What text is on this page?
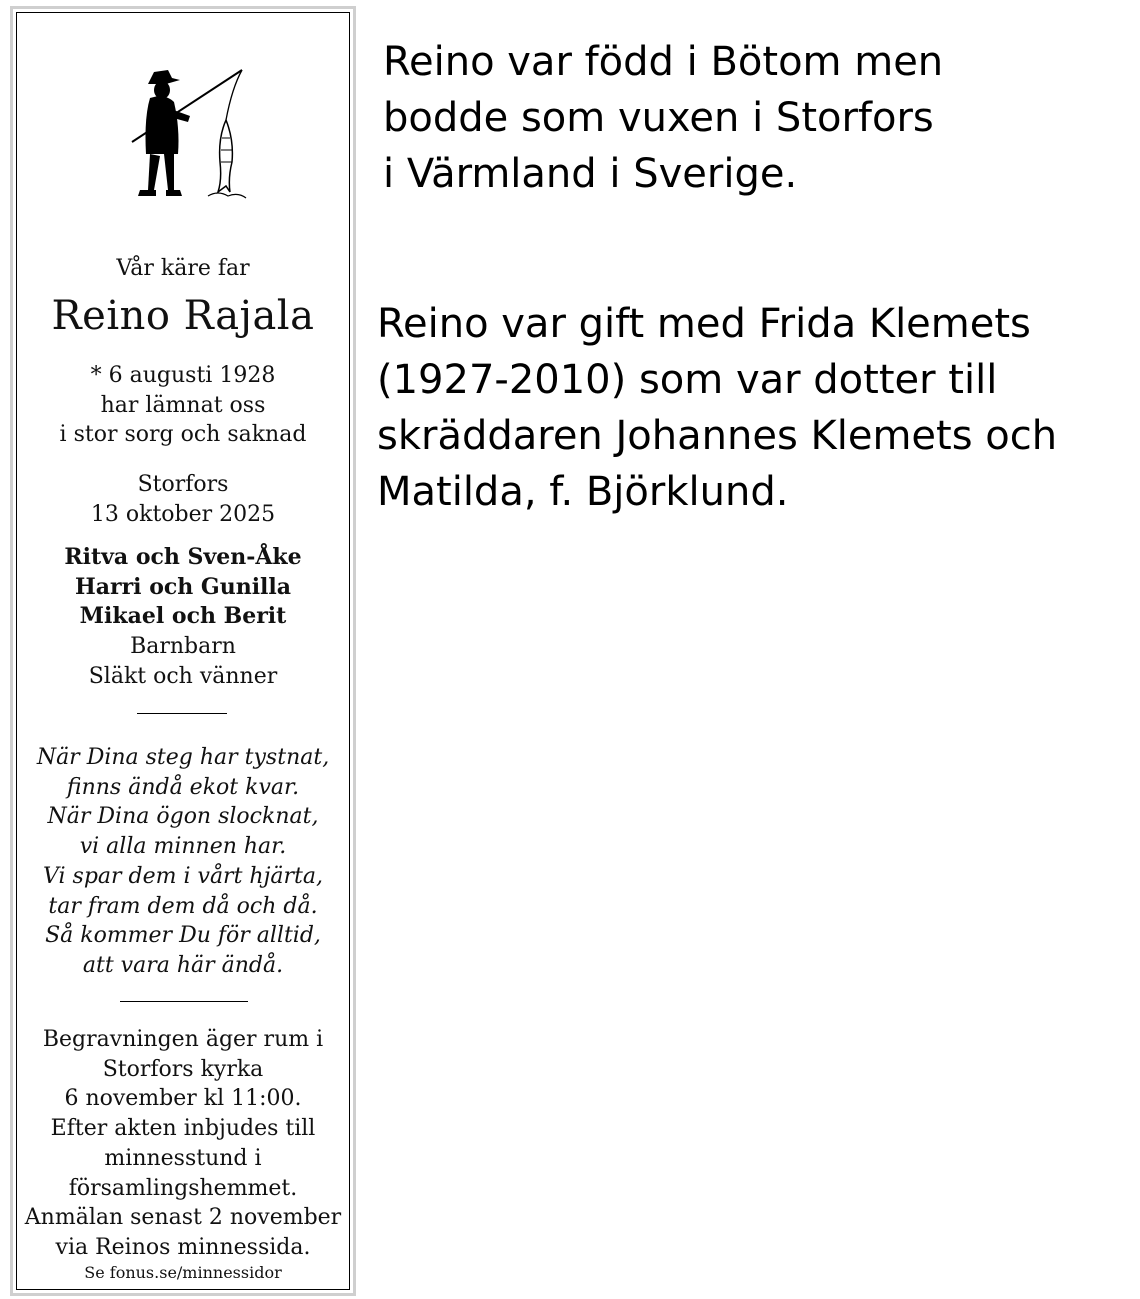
Vår käre far
Reino Rajala
* 6 augusti 1928
har lämnat oss
i stor sorg och saknad
Storfors
13 oktober 2025
Ritva och Sven-Åke
Harri och Gunilla
Mikael och Berit
Barnbarn
Släkt och vänner
När Dina steg har tystnat,
finns ändå ekot kvar.
När Dina ögon slocknat,
vi alla minnen har.
Vi spar dem i vårt hjärta,
tar fram dem då och då.
Så kommer Du för alltid,
att vara här ändå.
Begravningen äger rum i
Storfors kyrka
6 november kl 11:00.
Efter akten inbjudes till
minnesstund i
församlingshemmet.
Anmälan senast 2 november
via Reinos minnessida.
Se fonus.se/minnessidor
Reino var född i Bötom men
bodde som vuxen i Storfors
i Värmland i Sverige.
Reino var gift med Frida Klemets
(1927-2010) som var dotter till
skräddaren Johannes Klemets och
Matilda, f. Björklund.
